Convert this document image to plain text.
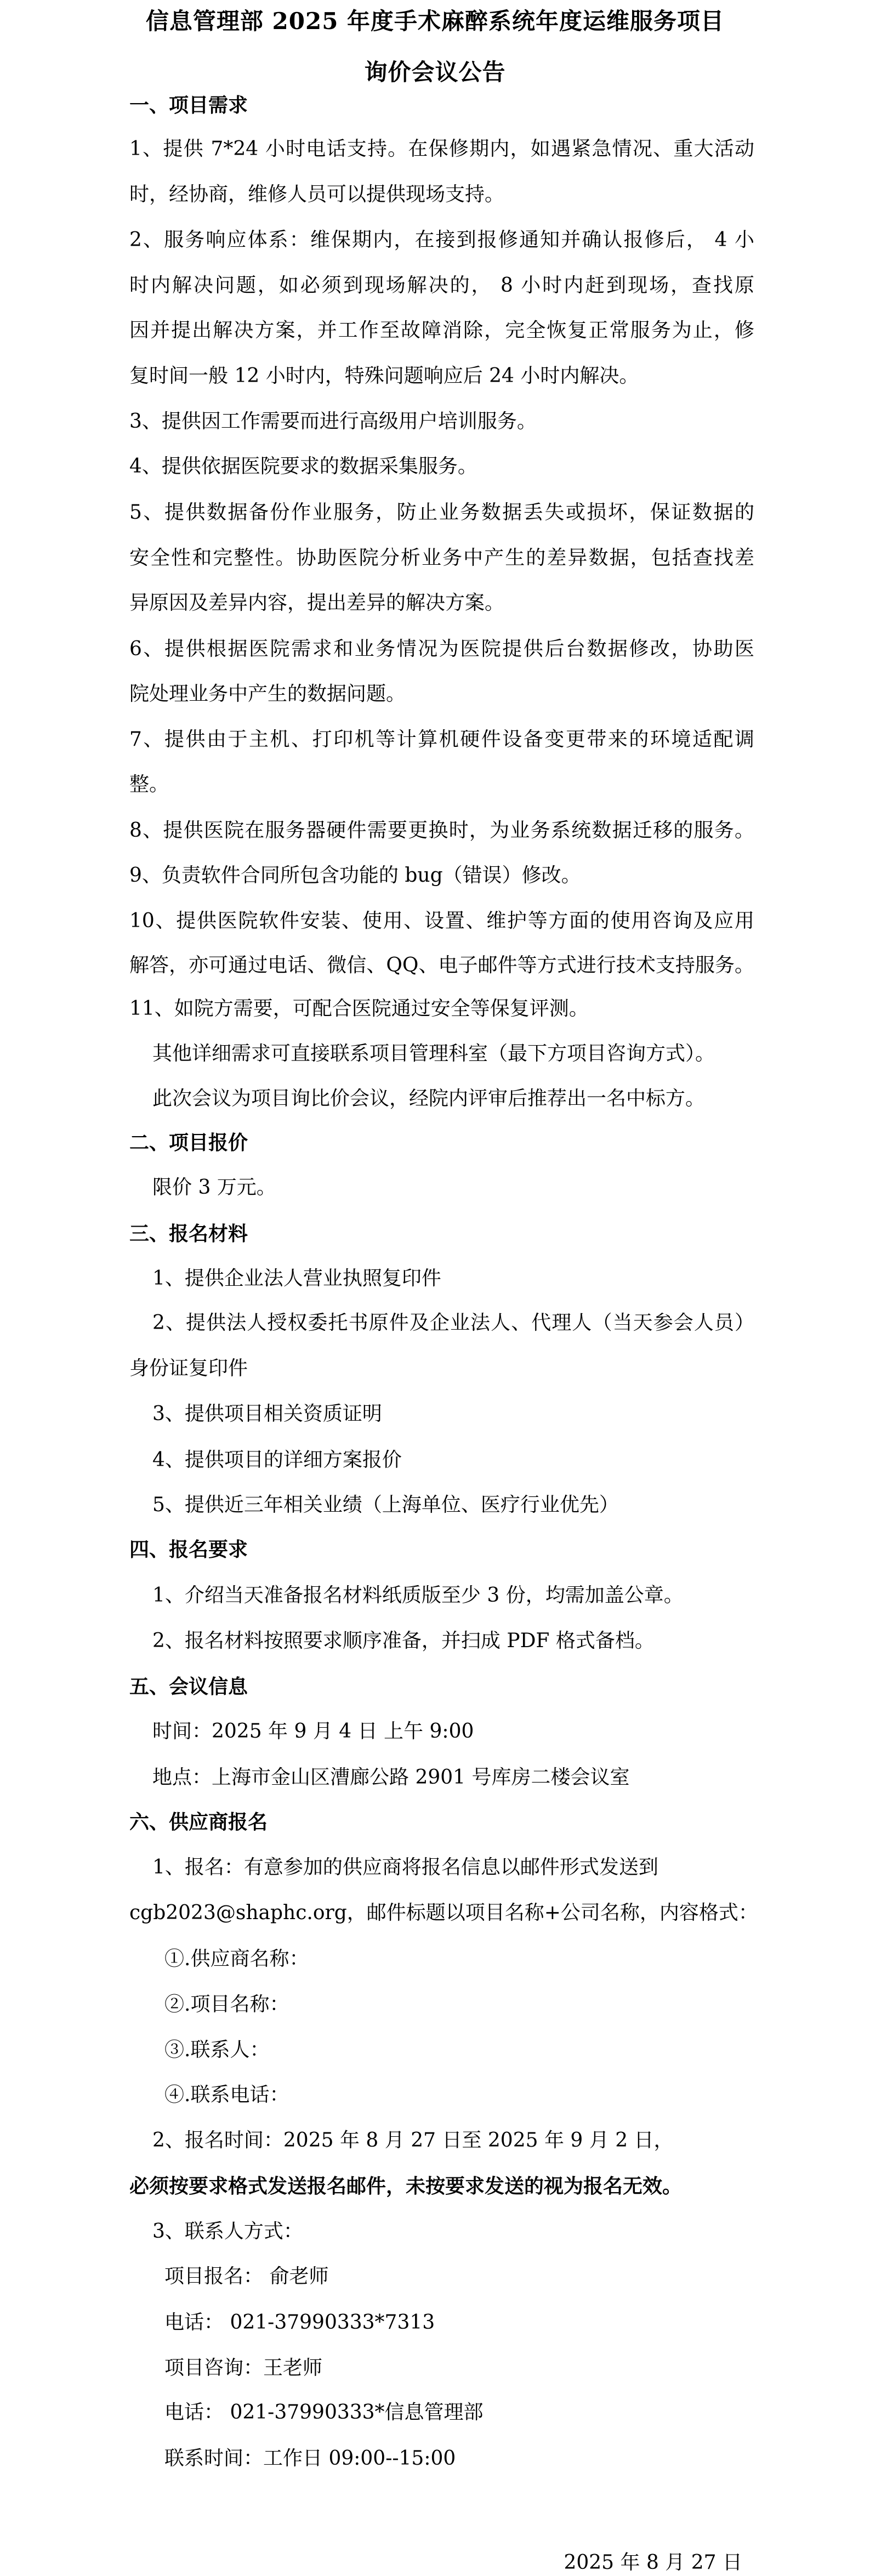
信息管理部 2025 年度手术麻醉系统年度运维服务项目
询价会议公告
一、项目需求
1、提供 7*24 小时电话支持。在保修期内，如遇紧急情况、重大活动
时，经协商，维修人员可以提供现场支持。
2、服务响应体系：维保期内，在接到报修通知并确认报修后， 4 小
时内解决问题，如必须到现场解决的， 8 小时内赶到现场，查找原
因并提出解决方案，并工作至故障消除，完全恢复正常服务为止，修
复时间一般 12 小时内，特殊问题响应后 24 小时内解决。
3、提供因工作需要而进行高级用户培训服务。
4、提供依据医院要求的数据采集服务。
5、提供数据备份作业服务，防止业务数据丢失或损坏，保证数据的
安全性和完整性。协助医院分析业务中产生的差异数据，包括查找差
异原因及差异内容，提出差异的解决方案。
6、提供根据医院需求和业务情况为医院提供后台数据修改，协助医
院处理业务中产生的数据问题。
7、提供由于主机、打印机等计算机硬件设备变更带来的环境适配调
整。
8、提供医院在服务器硬件需要更换时，为业务系统数据迁移的服务。
9、负责软件合同所包含功能的 bug（错误）修改。
10、提供医院软件安装、使用、设置、维护等方面的使用咨询及应用
解答，亦可通过电话、微信、QQ、电子邮件等方式进行技术支持服务。
11、如院方需要，可配合医院通过安全等保复评测。
其他详细需求可直接联系项目管理科室（最下方项目咨询方式）。
此次会议为项目询比价会议，经院内评审后推荐出一名中标方。
二、项目报价
限价 3 万元。
三、报名材料
1、提供企业法人营业执照复印件
2、提供法人授权委托书原件及企业法人、代理人（当天参会人员）
身份证复印件
3、提供项目相关资质证明
4、提供项目的详细方案报价
5、提供近三年相关业绩（上海单位、医疗行业优先）
四、报名要求
1、介绍当天准备报名材料纸质版至少 3 份，均需加盖公章。
2、报名材料按照要求顺序准备，并扫成 PDF 格式备档。
五、会议信息
时间：2025 年 9 月 4 日 上午 9:00
地点：上海市金山区漕廊公路 2901 号库房二楼会议室
六、供应商报名
1、报名：有意参加的供应商将报名信息以邮件形式发送到
cgb2023@shaphc.org，邮件标题以项目名称+公司名称，内容格式：
①.供应商名称：
②.项目名称：
③.联系人：
④.联系电话：
2、报名时间：2025 年 8 月 27 日至 2025 年 9 月 2 日，
必须按要求格式发送报名邮件，未按要求发送的视为报名无效。
3、联系人方式：
项目报名： 俞老师
电话： 021-37990333*7313
项目咨询：王老师
电话： 021-37990333*信息管理部
联系时间：工作日 09:00--15:00
2025 年 8 月 27 日
